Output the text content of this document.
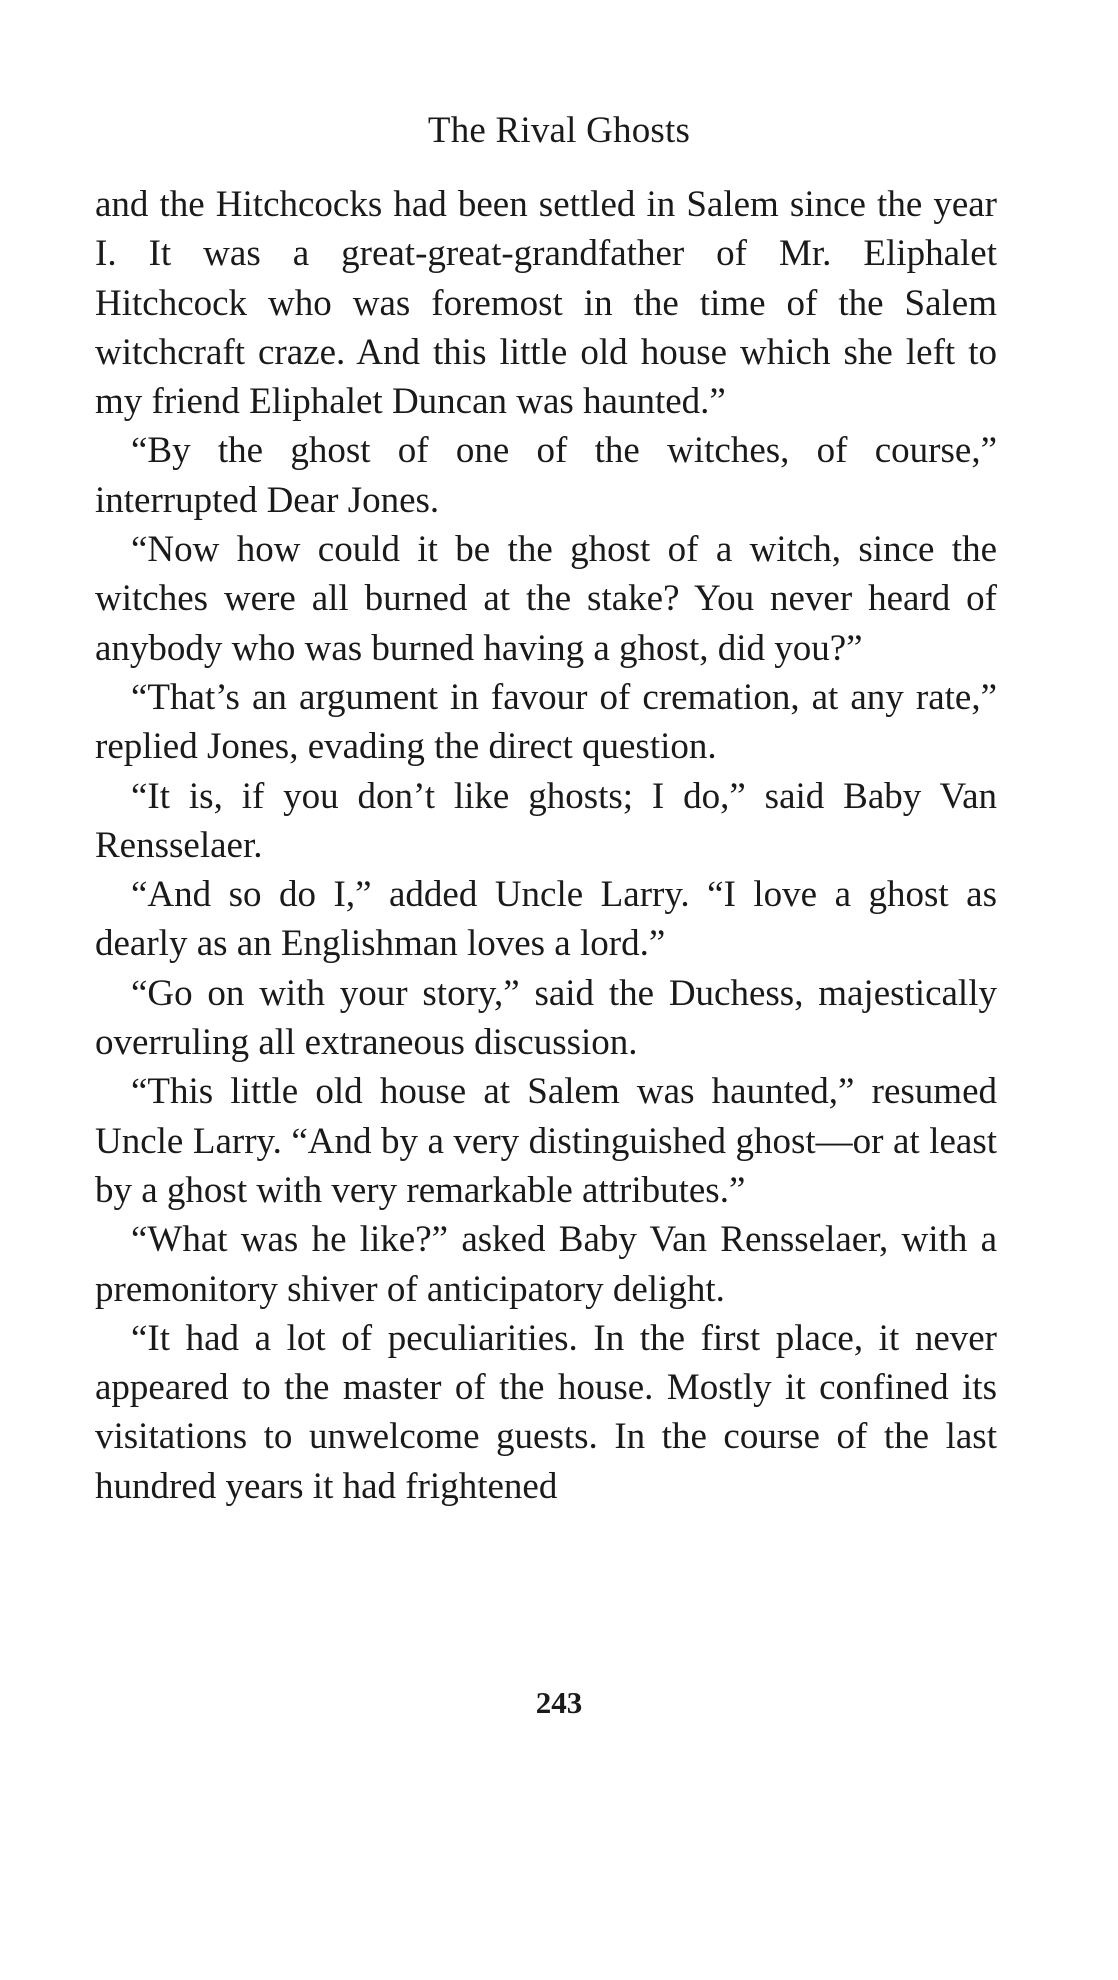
The Rival Ghosts

and the Hitchcocks had been settled in Salem since the year I. It was a great-great-grandfather of Mr. Eliphalet Hitchcock who was foremost in the time of the Salem witchcraft craze. And this little old house which she left to my friend Eliphalet Duncan was haunted.”

“By the ghost of one of the witches, of course,” interrupted Dear Jones.

“Now how could it be the ghost of a witch, since the witches were all burned at the stake? You never heard of anybody who was burned having a ghost, did you?”

“That’s an argument in favour of cremation, at any rate,” replied Jones, evading the direct question.

“It is, if you don’t like ghosts; I do,” said Baby Van Rensselaer.

“And so do I,” added Uncle Larry. “I love a ghost as dearly as an Englishman loves a lord.”

“Go on with your story,” said the Duchess, majestically overruling all extraneous discussion.

“This little old house at Salem was haunted,” resumed Uncle Larry. “And by a very distinguished ghost—or at least by a ghost with very remarkable attributes.”

“What was he like?” asked Baby Van Rensselaer, with a premonitory shiver of anticipatory delight.

“It had a lot of peculiarities. In the first place, it never appeared to the master of the house. Mostly it confined its visitations to unwelcome guests. In the course of the last hundred years it had frightened

243
